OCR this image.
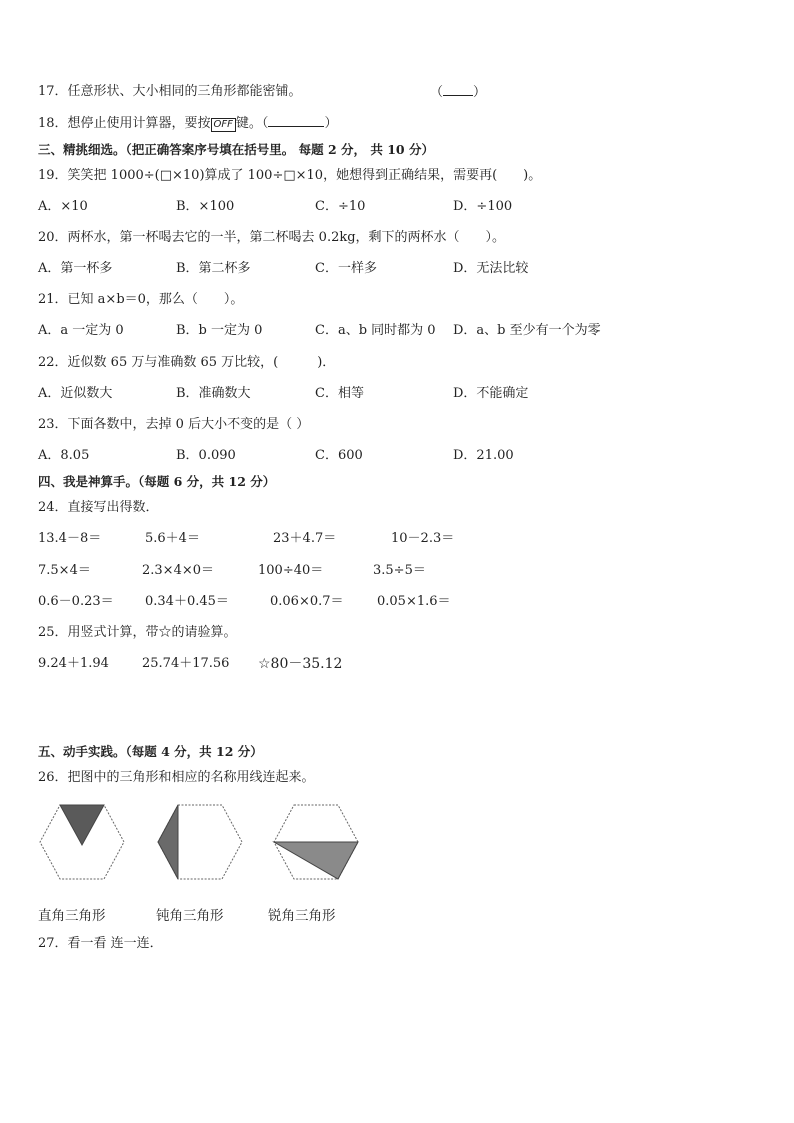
17．任意形状、大小相同的三角形都能密铺。	（ ）
18．想停止使用计算器，要按 OFF 键。（	）
三、精挑细选。（把正确答案序号填在括号里。 每题 2 分， 共 10 分）
19．笑笑把 1000÷(□×10)算成了 100÷□×10，她想得到正确结果，需要再(　　)。
A．×10	B．×100	C．÷10	D．÷100
20．两杯水，第一杯喝去它的一半，第二杯喝去 0.2kg，剩下的两杯水（　　）。
A．第一杯多	B．第二杯多	C．一样多	D．无法比较
21．已知 a×b＝0，那么（　　）。
A．a 一定为 0	B．b 一定为 0	C．a、b 同时都为 0 D．a、b 至少有一个为零
22．近似数 65 万与准确数 65 万比较，(　　　)．
A．近似数大	B．准确数大	C．相等	D．不能确定
23．下面各数中，去掉 0 后大小不变的是（ ）
A．8.05	B．0.090	C．600	D．21.00
四、我是神算手。（每题 6 分，共 12 分）
24．直接写出得数．
13.4－8＝	5.6＋4＝	23＋4.7＝	10－2.3＝
7.5×4＝	2.3×4×0＝	100÷40＝	3.5÷5＝
0.6－0.23＝ 0.34＋0.45＝	0.06×0.7＝	0.05×1.6＝
25．用竖式计算，带☆的请验算。
9.24＋1.94	25.74＋17.56 ☆80－35.12
五、动手实践。（每题 4 分，共 12 分）
26．把图中的三角形和相应的名称用线连起来。
直角三角形	钝角三角形	锐角三角形
27．看一看 连一连．
